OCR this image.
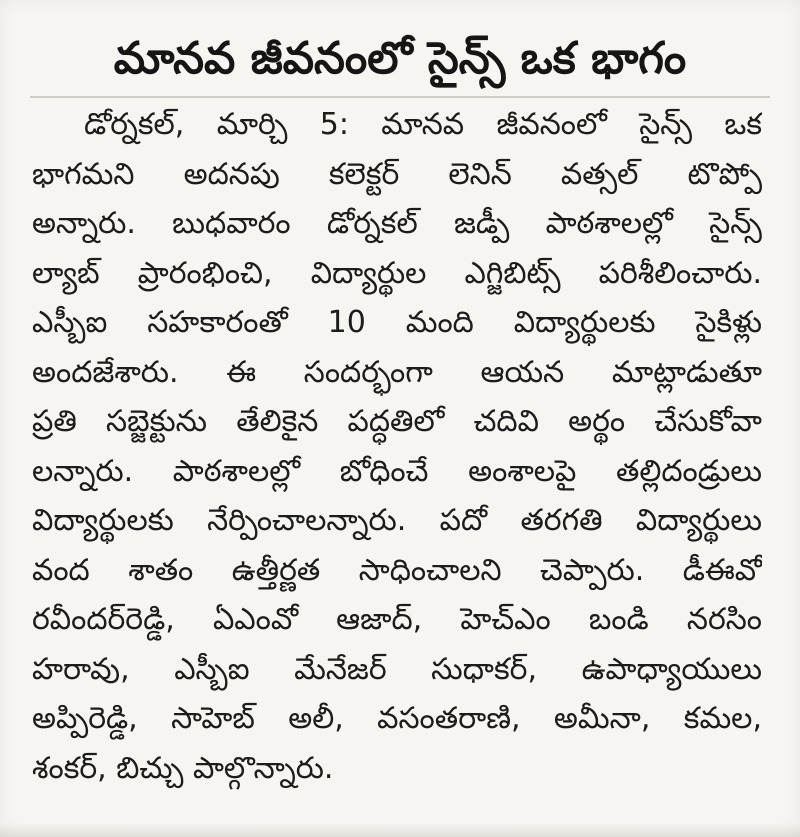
మానవ జీవనంలో సైన్స్ ఒక భాగం
డోర్నకల్, మార్చి 5: మానవ జీవనంలో సైన్స్ ఒక
భాగమని అదనపు కలెక్టర్ లెనిన్ వత్సల్ టొప్పో
అన్నారు. బుధవారం డోర్నకల్ జడ్పీ పాఠశాలల్లో సైన్స్
ల్యాబ్ ప్రారంభించి, విద్యార్థుల ఎగ్జిబిట్స్ పరిశీలించారు.
ఎస్బీఐ సహకారంతో 10 మంది విద్యార్థులకు సైకిళ్లు
అందజేశారు. ఈ సందర్భంగా ఆయన మాట్లాడుతూ
ప్రతి సబ్జెక్టును తేలికైన పద్ధతిలో చదివి అర్థం చేసుకోవా
లన్నారు. పాఠశాలల్లో బోధించే అంశాలపై తల్లిదండ్రులు
విద్యార్థులకు నేర్పించాలన్నారు. పదో తరగతి విద్యార్థులు
వంద శాతం ఉత్తీర్ణత సాధించాలని చెప్పారు. డీఈవో
రవీందర్‌రెడ్డి, ఏఎంవో ఆజాద్, హెచ్ఎం బండి నరసిం
హరావు, ఎస్బీఐ మేనేజర్ సుధాకర్, ఉపాధ్యాయులు
అప్పిరెడ్డి, సాహెబ్ అలీ, వసంతరాణి, అమీనా, కమల,
శంకర్, బిచ్చు పాల్గొన్నారు.
